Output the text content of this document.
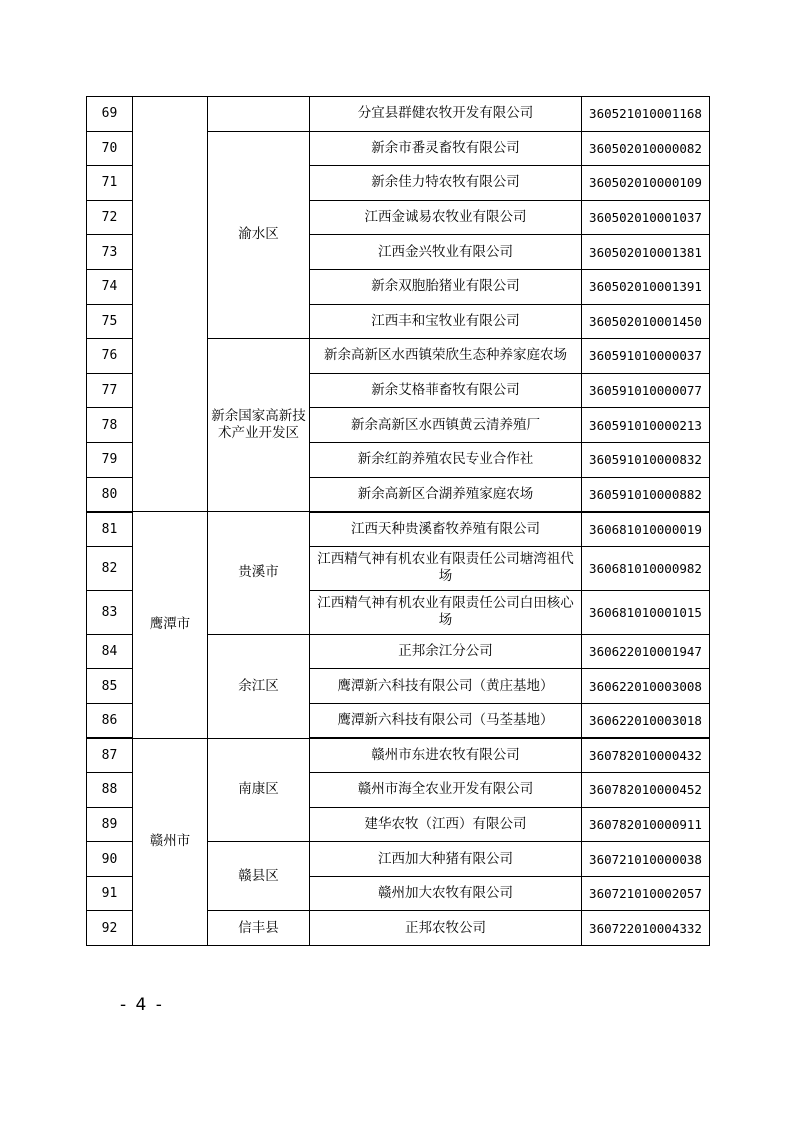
69			分宜县群健农牧开发有限公司	360521010001168
70		渝水区	新余市番灵畜牧有限公司	360502010000082
71			新余佳力特农牧有限公司	360502010000109
72			江西金诚易农牧业有限公司	360502010001037
73			江西金兴牧业有限公司	360502010001381
74			新余双胞胎猪业有限公司	360502010001391
75			江西丰和宝牧业有限公司	360502010001450
76		新余国家高新技术产业开发区	新余高新区水西镇荣欣生态种养家庭农场	360591010000037
77			新余艾格菲畜牧有限公司	360591010000077
78			新余高新区水西镇黄云清养殖厂	360591010000213
79			新余红韵养殖农民专业合作社	360591010000832
80			新余高新区合湖养殖家庭农场	360591010000882
81	鹰潭市	贵溪市	江西天种贵溪畜牧养殖有限公司	360681010000019
82			江西精气神有机农业有限责任公司塘湾祖代场	360681010000982
83			江西精气神有机农业有限责任公司白田核心场	360681010001015
84		余江区	正邦余江分公司	360622010001947
85			鹰潭新六科技有限公司（黄庄基地）	360622010003008
86			鹰潭新六科技有限公司（马荃基地）	360622010003018
87	赣州市	南康区	赣州市东进农牧有限公司	360782010000432
88			赣州市海全农业开发有限公司	360782010000452
89			建华农牧（江西）有限公司	360782010000911
90		赣县区	江西加大种猪有限公司	360721010000038
91			赣州加大农牧有限公司	360721010002057
92		信丰县	正邦农牧公司	360722010004332
- 4 -
